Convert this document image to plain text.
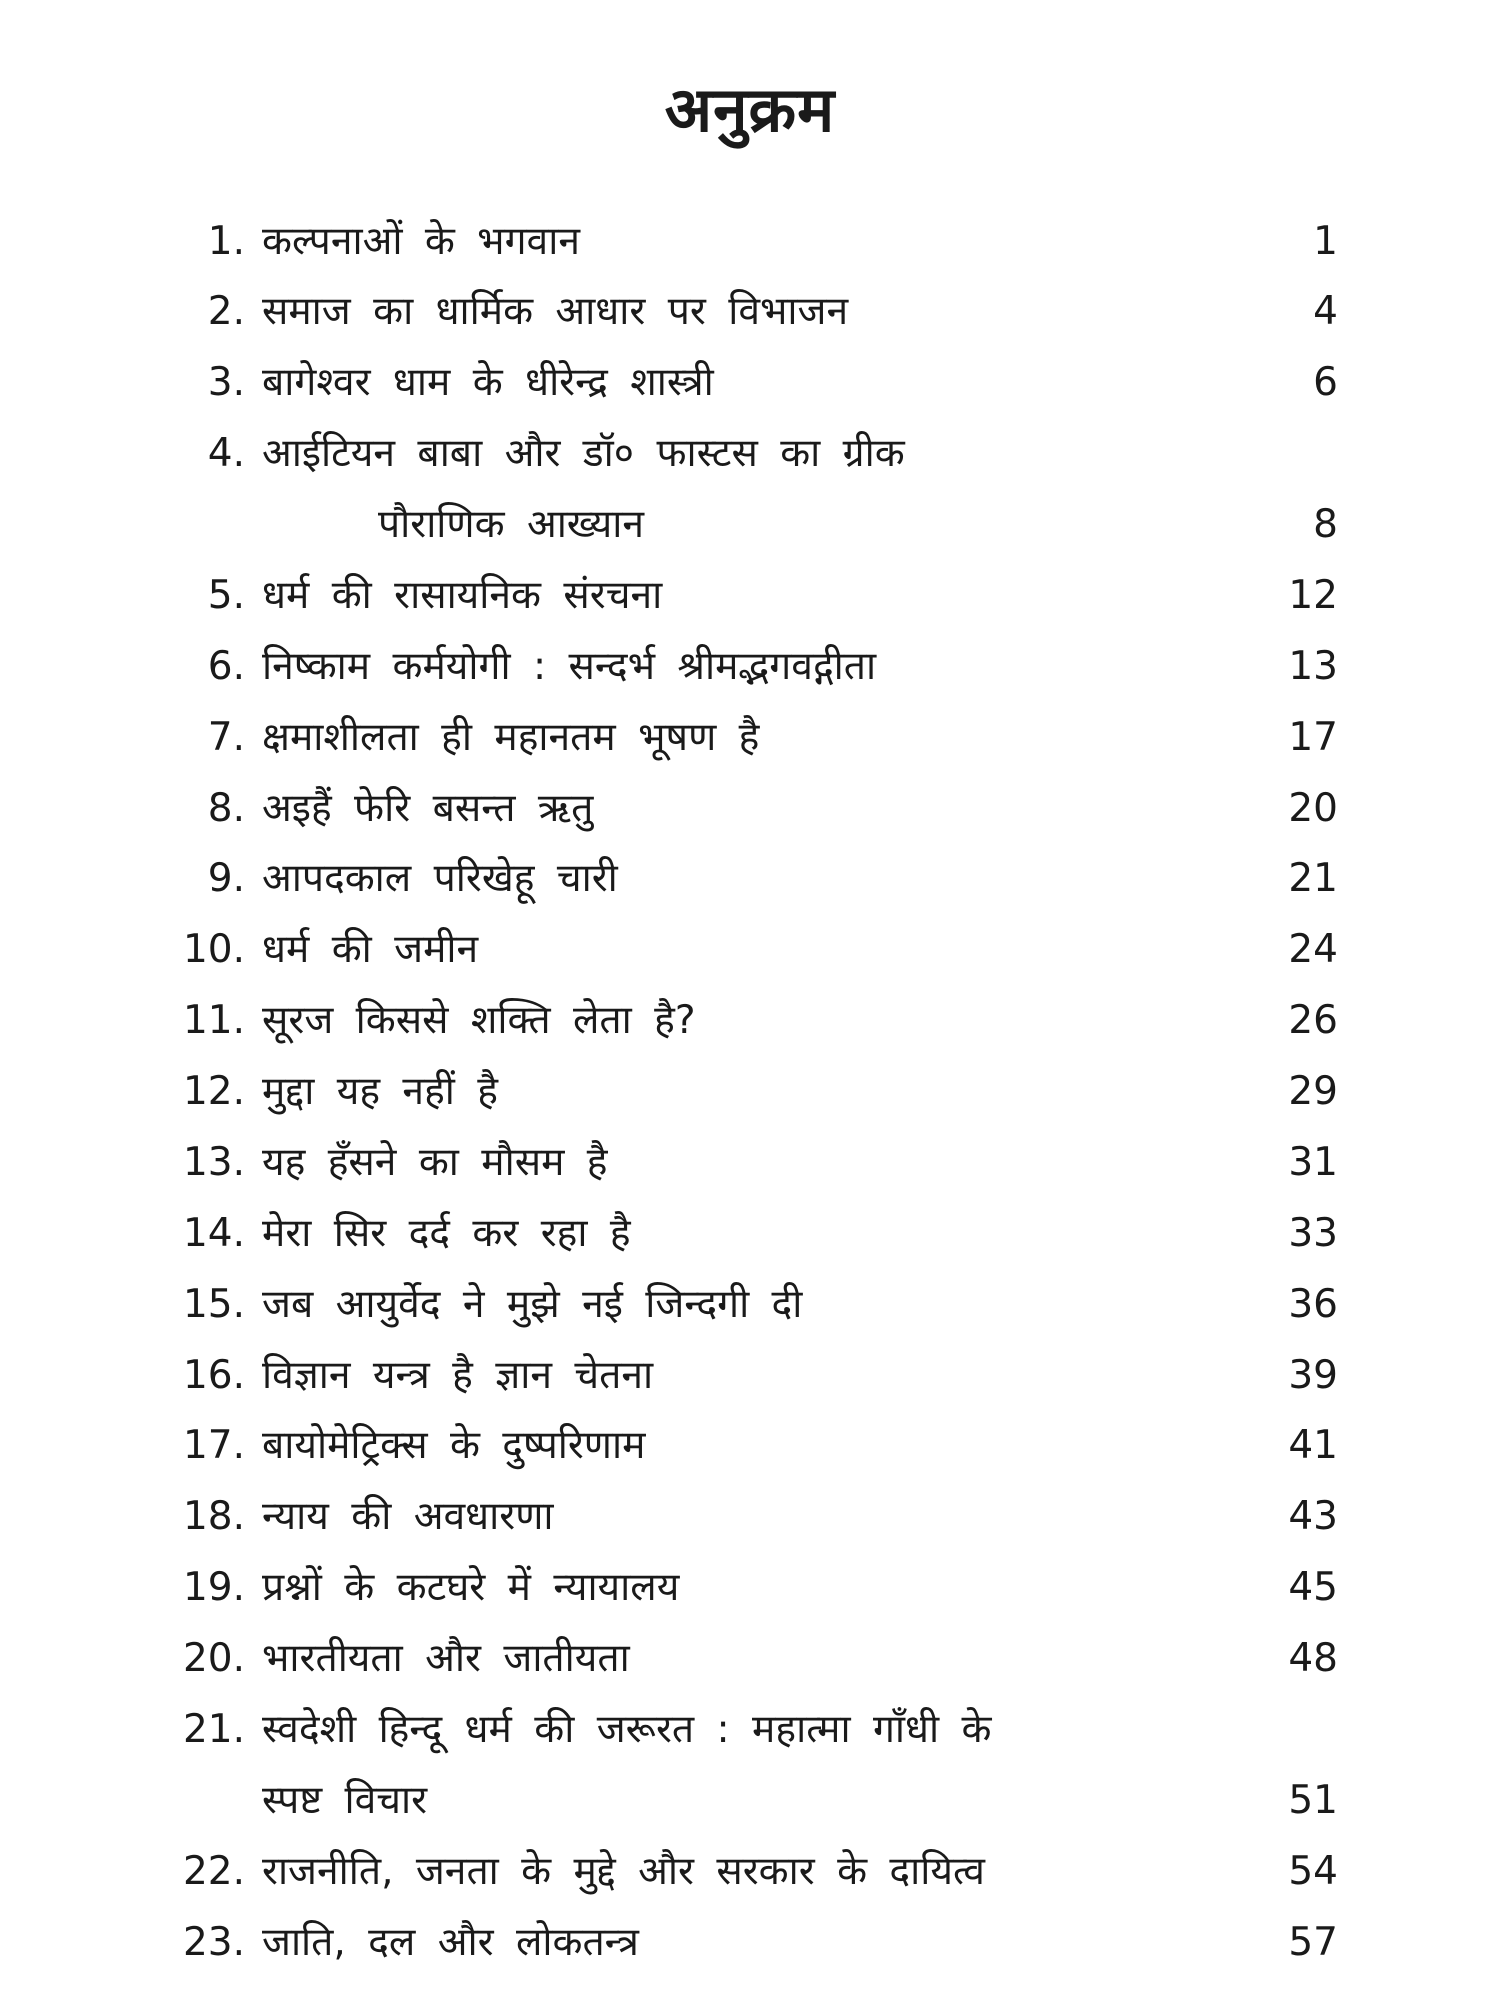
अनुक्रम
1. कल्पनाओं के भगवान	1
2. समाज का धार्मिक आधार पर विभाजन	4
3. बागेश्वर धाम के धीरेन्द्र शास्त्री	6
4. आईटियन बाबा और डॉ० फास्टस का ग्रीक
पौराणिक आख्यान	8
5. धर्म की रासायनिक संरचना	12
6. निष्काम कर्मयोगी : सन्दर्भ श्रीमद्भगवद्गीता	13
7. क्षमाशीलता ही महानतम भूषण है	17
8. अइहैं फेरि बसन्त ऋतु	20
9. आपदकाल परिखेहू चारी	21
10. धर्म की जमीन	24
11. सूरज किससे शक्ति लेता है?	26
12. मुद्दा यह नहीं है	29
13. यह हँसने का मौसम है	31
14. मेरा सिर दर्द कर रहा है	33
15. जब आयुर्वेद ने मुझे नई जिन्दगी दी	36
16. विज्ञान यन्त्र है ज्ञान चेतना	39
17. बायोमेट्रिक्स के दुष्परिणाम	41
18. न्याय की अवधारणा	43
19. प्रश्नों के कटघरे में न्यायालय	45
20. भारतीयता और जातीयता	48
21. स्वदेशी हिन्दू धर्म की जरूरत : महात्मा गाँधी के
स्पष्ट विचार	51
22. राजनीति, जनता के मुद्दे और सरकार के दायित्व	54
23. जाति, दल और लोकतन्त्र	57
